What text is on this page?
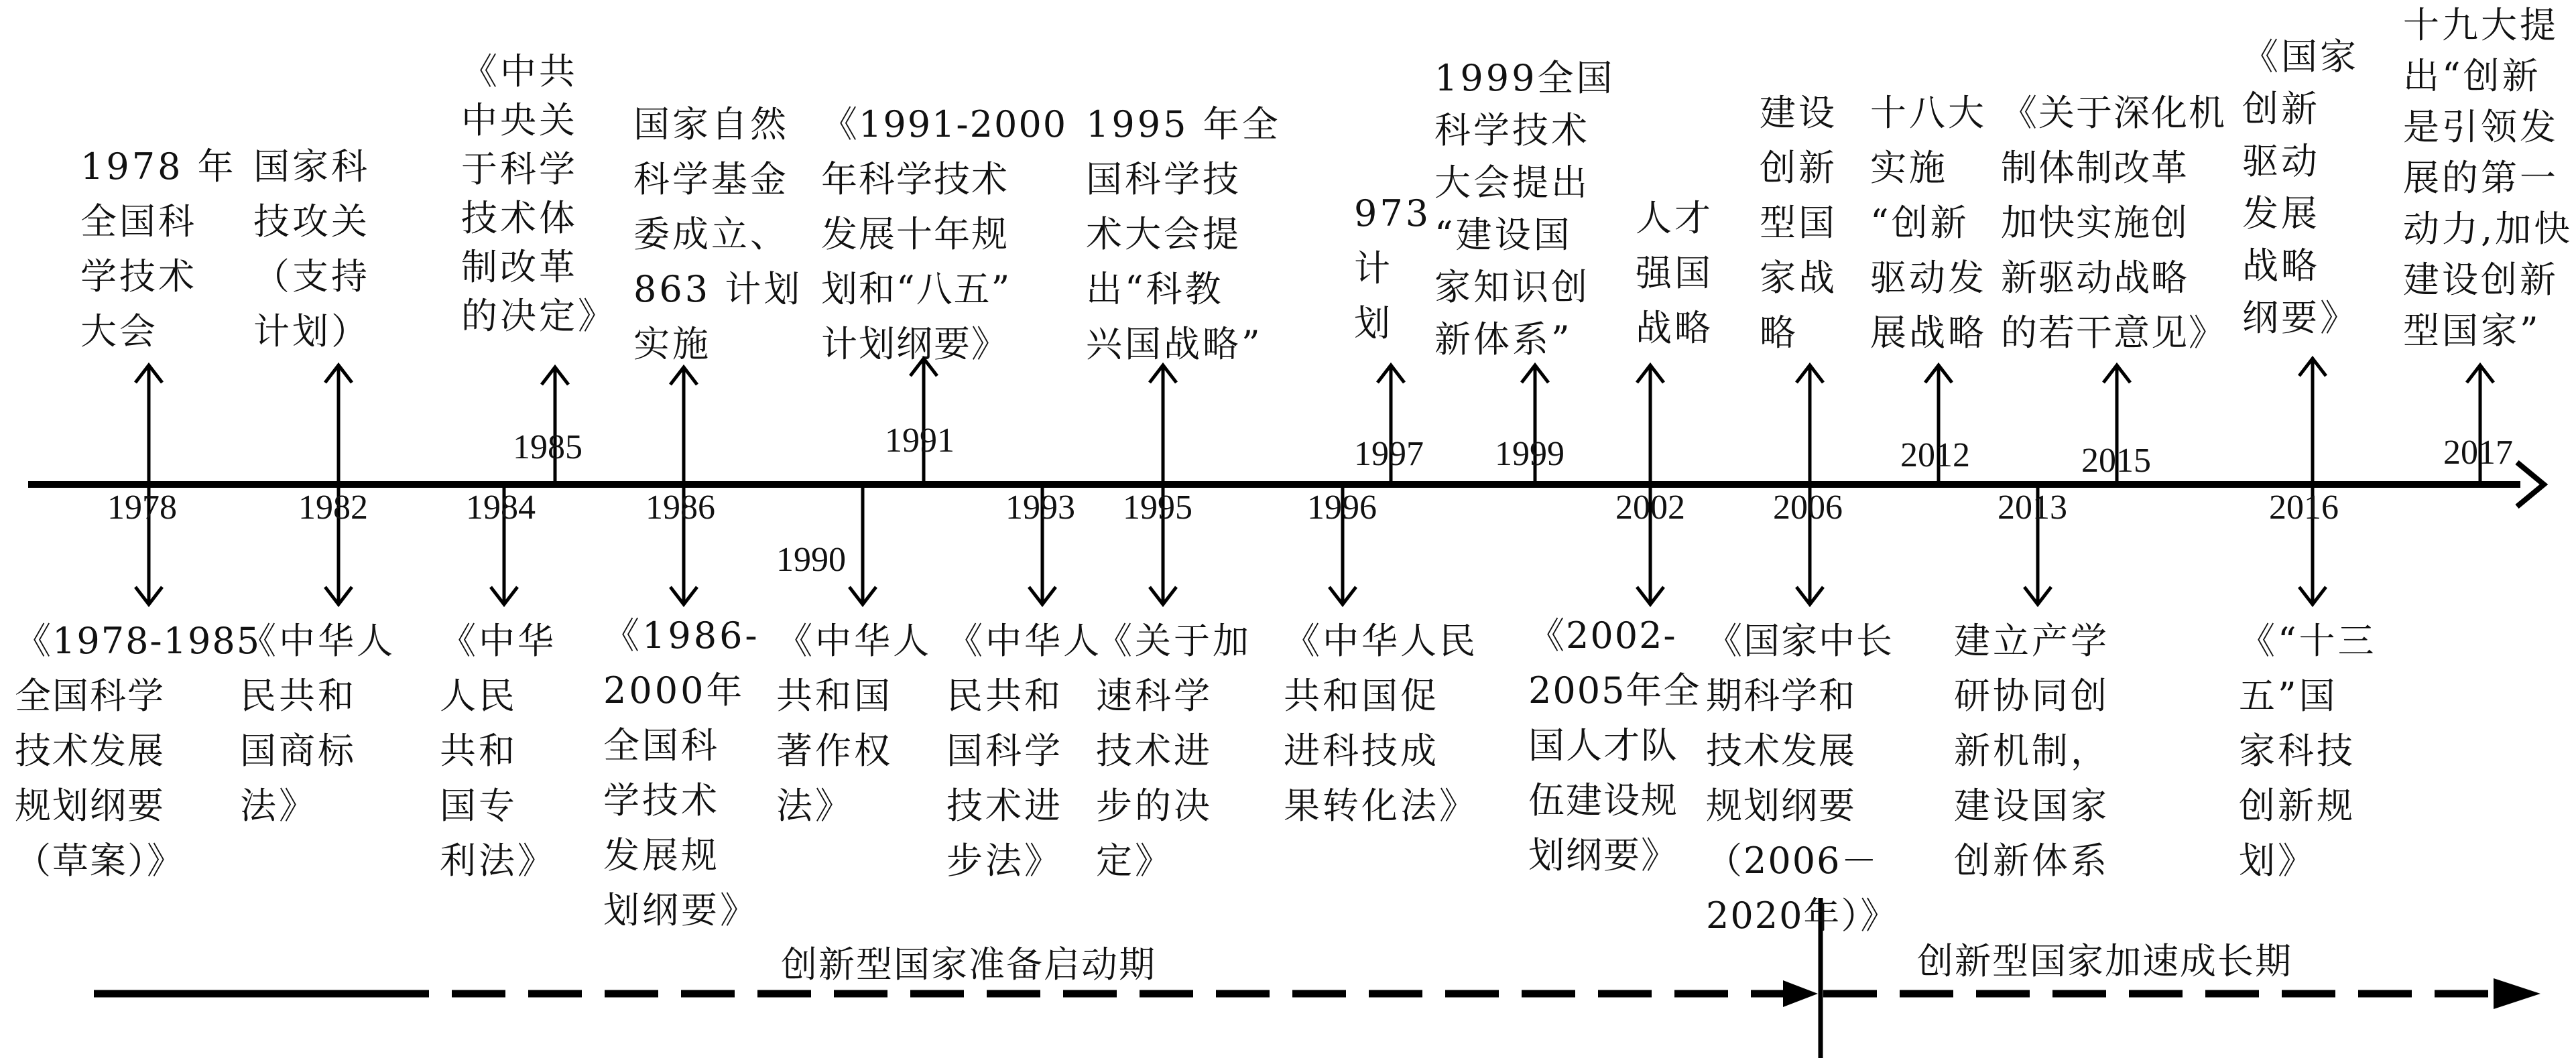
1978 年
全国科
学技术
大会
国家科
技攻关
（支持
计划）
《中共
中央关
于科学
技术体
制改革
的决定》
国家自然
科学基金
委成立、
863 计划
实施
《1991-2000
年科学技术
发展十年规
划和“八五”
计划纲要》
1995 年全
国科学技
术大会提
出“科教
兴国战略”
973
计
划
1999全国
科学技术
大会提出
“建设国
家知识创
新体系”
人才
强国
战略
建设
创新
型国
家战
略
十八大
实施
“创新
驱动发
展战略
《关于深化机
制体制改革
加快实施创
新驱动战略
的若干意见》
《国家
创新
驱动
发展
战略
纲要》
十九大提
出“创新
是引领发
展的第一
动力,加快
建设创新
型国家”
《1978-1985
全国科学
技术发展
规划纲要
（草案）》
《中华人
民共和
国商标
法》
《中华
人民
共和
国专
利法》
《1986-
2000年
全国科
学技术
发展规
划纲要》
《中华人
共和国
著作权
法》
《中华人
民共和
国科学
技术进
步法》
《关于加
速科学
技术进
步的决
定》
《中华人民
共和国促
进科技成
果转化法》
《2002-
2005年全
国人才队
伍建设规
划纲要》
《国家中长
期科学和
技术发展
规划纲要
（2006－
2020年）》
建立产学
研协同创
新机制，
建设国家
创新体系
《“十三
五”国
家科技
创新规
划》
1978	1982	1984
1985
1986
1990
1991
1993 1995	1996
1997 1999
2002	2006
2012
2013
2015
2016
2017
创新型国家准备启动期	创新型国家加速成长期
